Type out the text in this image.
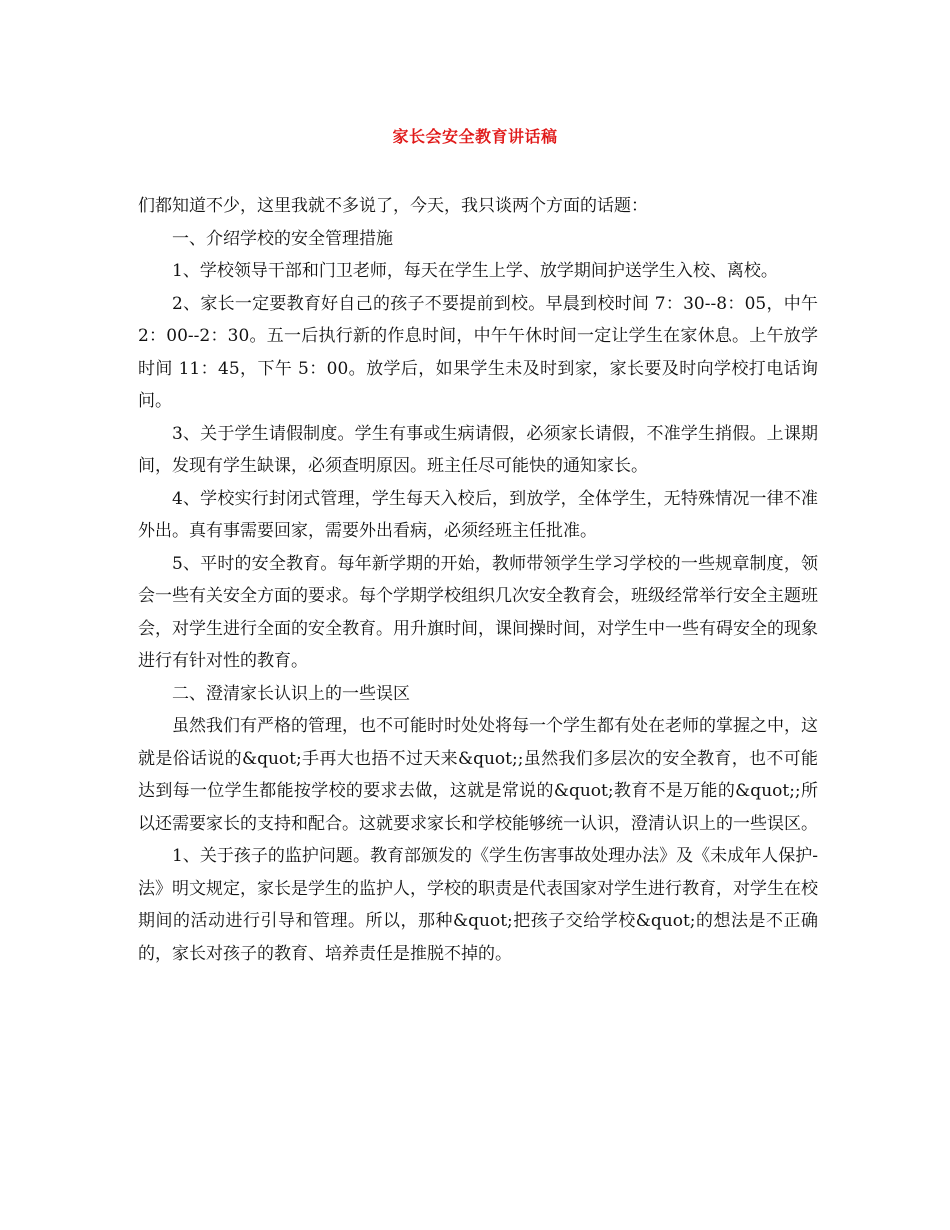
家长会安全教育讲话稿

们都知道不少，这里我就不多说了，今天，我只谈两个方面的话题：

一、介绍学校的安全管理措施

1、学校领导干部和门卫老师，每天在学生上学、放学期间护送学生入校、离校。

2、家长一定要教育好自己的孩子不要提前到校。早晨到校时间 7：30--8：05，中午 2：00--2：30。五一后执行新的作息时间，中午午休时间一定让学生在家休息。上午放学时间 11：45，下午 5：00。放学后，如果学生未及时到家，家长要及时向学校打电话询问。

3、关于学生请假制度。学生有事或生病请假，必须家长请假，不准学生捎假。上课期间，发现有学生缺课，必须查明原因。班主任尽可能快的通知家长。

4、学校实行封闭式管理，学生每天入校后，到放学，全体学生，无特殊情况一律不准外出。真有事需要回家，需要外出看病，必须经班主任批准。

5、平时的安全教育。每年新学期的开始，教师带领学生学习学校的一些规章制度，领会一些有关安全方面的要求。每个学期学校组织几次安全教育会，班级经常举行安全主题班会，对学生进行全面的安全教育。用升旗时间，课间操时间，对学生中一些有碍安全的现象进行有针对性的教育。

二、澄清家长认识上的一些误区

虽然我们有严格的管理，也不可能时时处处将每一个学生都有处在老师的掌握之中，这就是俗话说的&quot;手再大也捂不过天来&quot;;虽然我们多层次的安全教育，也不可能达到每一位学生都能按学校的要求去做，这就是常说的&quot;教育不是万能的&quot;;所以还需要家长的支持和配合。这就要求家长和学校能够统一认识，澄清认识上的一些误区。

1、关于孩子的监护问题。教育部颁发的《学生伤害事故处理办法》及《未成年人保护-法》明文规定，家长是学生的监护人，学校的职责是代表国家对学生进行教育，对学生在校期间的活动进行引导和管理。所以，那种&quot;把孩子交给学校&quot;的想法是不正确的，家长对孩子的教育、培养责任是推脱不掉的。
